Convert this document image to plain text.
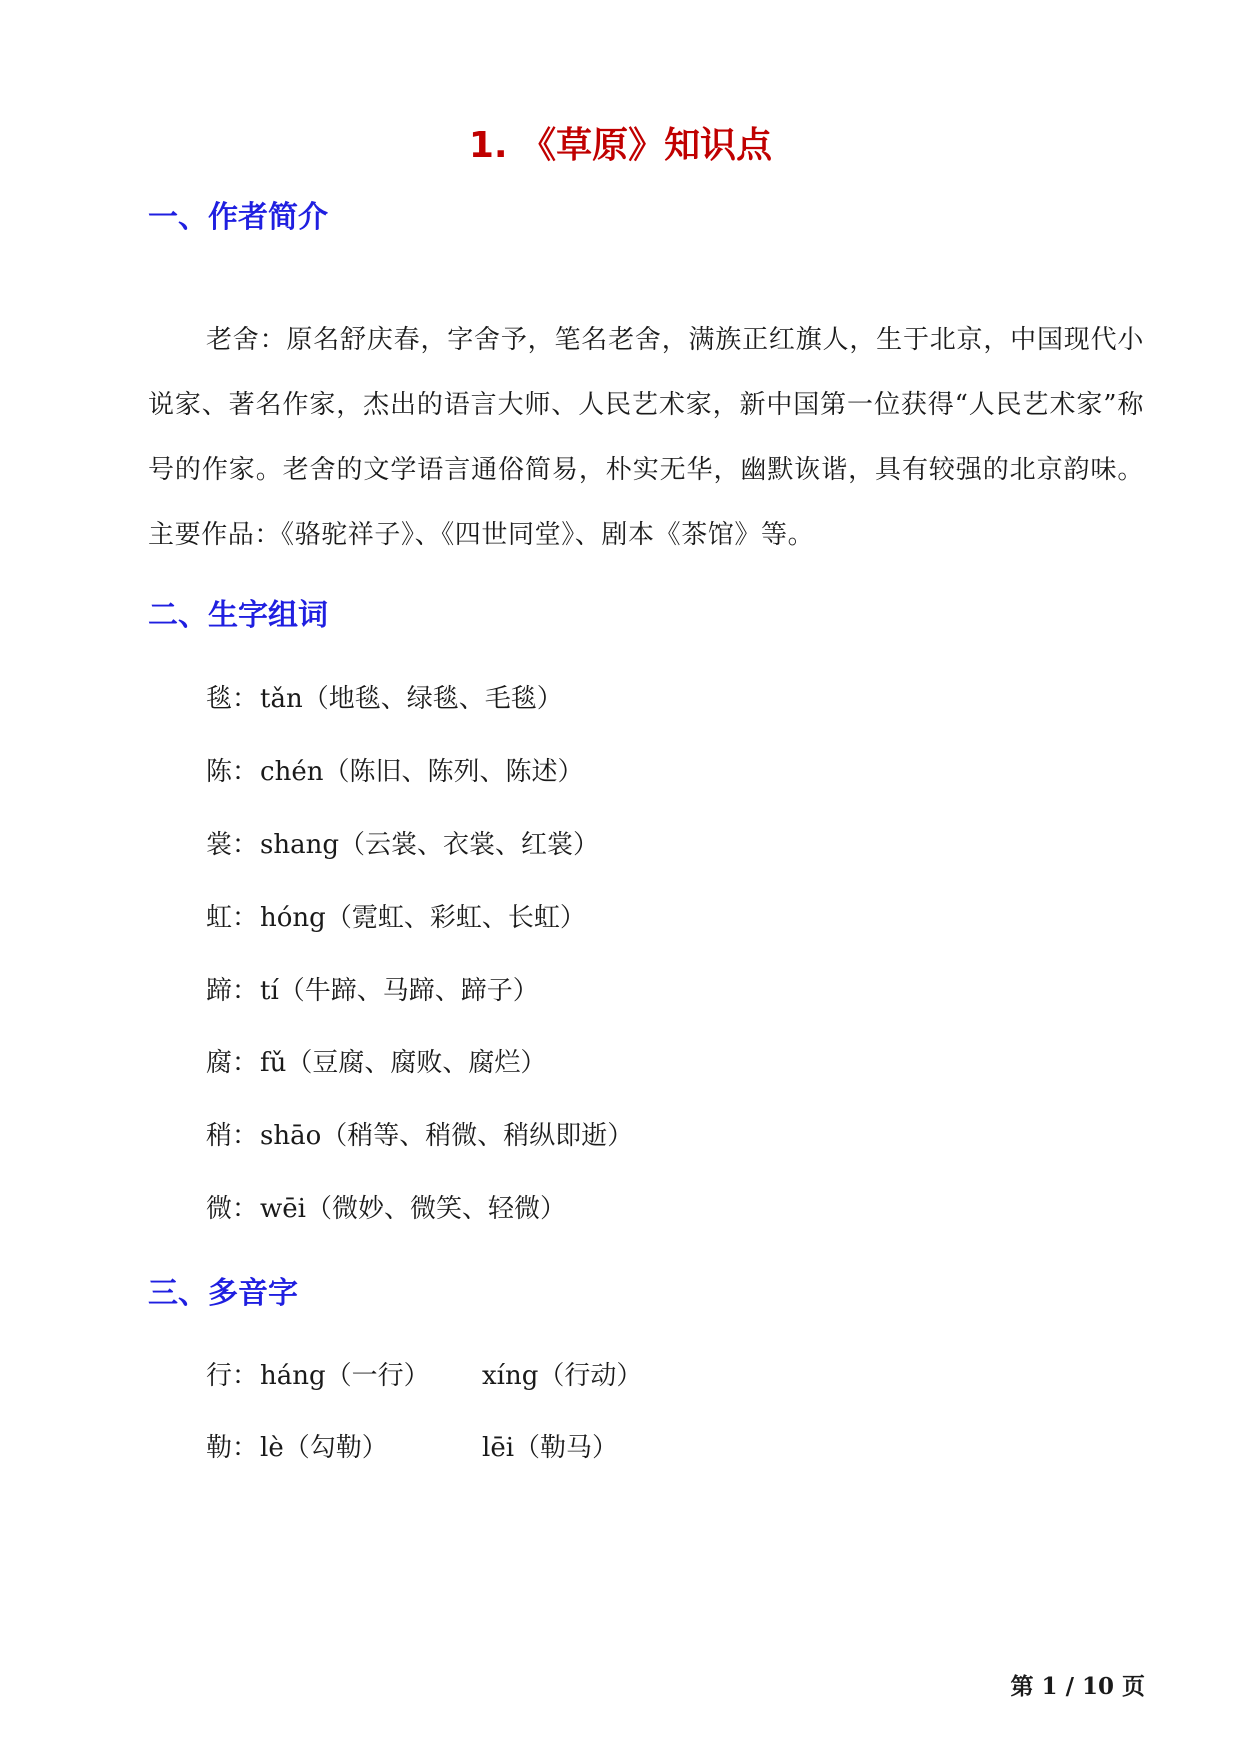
1. 《草原》知识点
一、作者简介

老舍：原名舒庆春，字舍予，笔名老舍，满族正红旗人，生于北京，中国现代小说家、著名作家，杰出的语言大师、人民艺术家，新中国第一位获得“人民艺术家”称号的作家。老舍的文学语言通俗简易，朴实无华，幽默诙谐，具有较强的北京韵味。主要作品：《骆驼祥子》、《四世同堂》、剧本《茶馆》等。

二、生字组词
毯：tǎn（地毯、绿毯、毛毯）
陈：chén（陈旧、陈列、陈述）
裳：shang（云裳、衣裳、红裳）
虹：hóng（霓虹、彩虹、长虹）
蹄：tí（牛蹄、马蹄、蹄子）
腐：fǔ（豆腐、腐败、腐烂）
稍：shāo（稍等、稍微、稍纵即逝）
微：wēi（微妙、微笑、轻微）
三、多音字
行：háng（一行） xíng（行动）
勒：lè（勾勒）	lēi（勒马）
第 1 / 10 页
